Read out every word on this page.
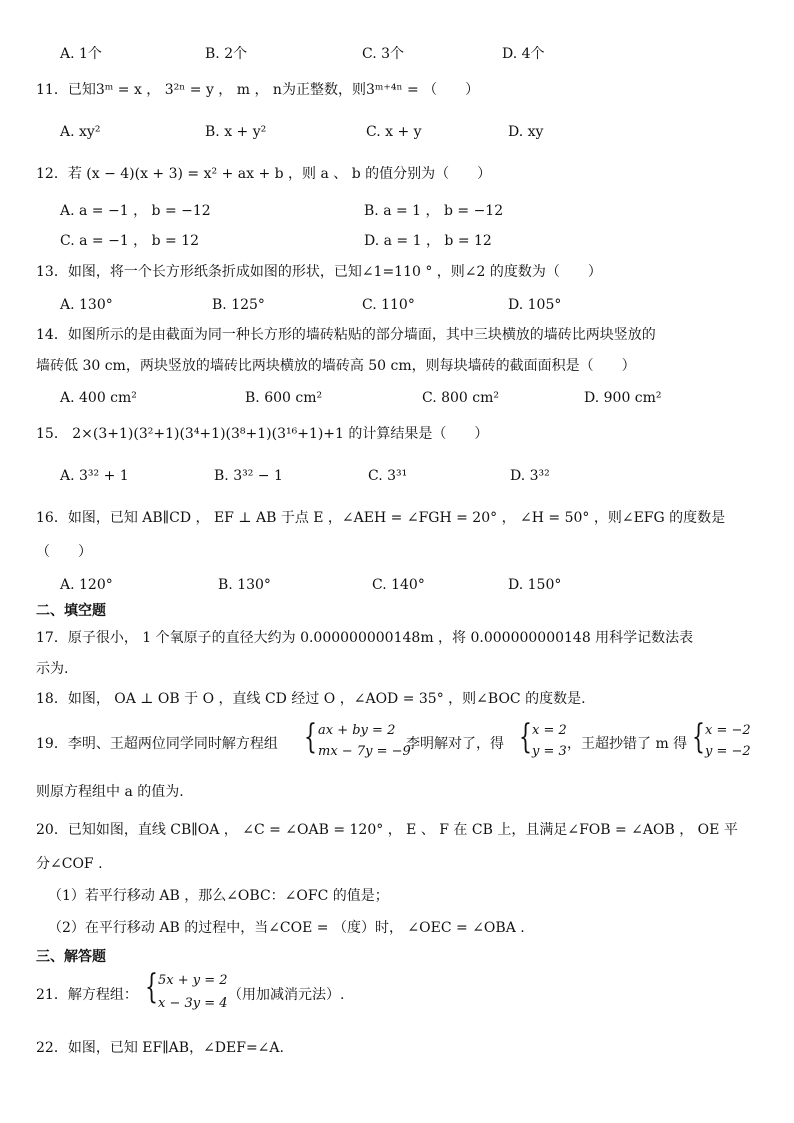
A. 1个	B. 2个	C. 3个	D. 4个
11．已知3ᵐ = x ， 3²ⁿ = y ， m ， n为正整数，则3ᵐ⁺⁴ⁿ = （　　）
A. xy²	B. x + y²	C. x + y	D. xy
12．若 (x − 4)(x + 3) = x² + ax + b ，则 a 、 b 的值分别为（　　）
A. a = −1 ， b = −12	B. a = 1 ， b = −12
C. a = −1 ， b = 12	D. a = 1 ， b = 12
13．如图，将一个长方形纸条折成如图的形状，已知∠1=110 ° ，则∠2 的度数为（　　）
A. 130°	B. 125°	C. 110°	D. 105°
14．如图所示的是由截面为同一种长方形的墙砖粘贴的部分墙面，其中三块横放的墙砖比两块竖放的
墙砖低 30 cm，两块竖放的墙砖比两块横放的墙砖高 50 cm，则每块墙砖的截面面积是（　　）
A. 400 cm²	B. 600 cm²	C. 800 cm²	D. 900 cm²
15． 2×(3+1)(3²+1)(3⁴+1)(3⁸+1)(3¹⁶+1)+1 的计算结果是（　　）
A. 3³² + 1	B. 3³² − 1	C. 3³¹	D. 3³²
16．如图，已知 AB∥CD ， EF ⊥ AB 于点 E ，∠AEH = ∠FGH = 20° ， ∠H = 50° ，则∠EFG 的度数是
（　　）
A. 120°	B. 130°	C. 140°	D. 150°
二、填空题
17．原子很小， 1 个氧原子的直径大约为 0.000000000148m ，将 0.000000000148 用科学记数法表
示为.
18．如图， OA ⊥ OB 于 O ，直线 CD 经过 O ，∠AOD = 35° ，则∠BOC 的度数是.
19．李明、王超两位同学同时解方程组 { ax + by = 2
mx − 7y = −9
李明解对了，得 { x = 2
y = 3 ，王超抄错了 m 得 { x = −2
y = −2
则原方程组中 a 的值为.
20．已知如图，直线 CB∥OA ， ∠C = ∠OAB = 120° ， E 、 F 在 CB 上，且满足∠FOB = ∠AOB ， OE 平
分∠COF .
（1）若平行移动 AB ，那么∠OBC：∠OFC 的值是；
（2）在平行移动 AB 的过程中，当∠COE = （度）时， ∠OEC = ∠OBA .
三、解答题
21．解方程组： { 5x + y = 2
x − 3y = 4
（用加减消元法）.
22．如图，已知 EF∥AB，∠DEF=∠A.
